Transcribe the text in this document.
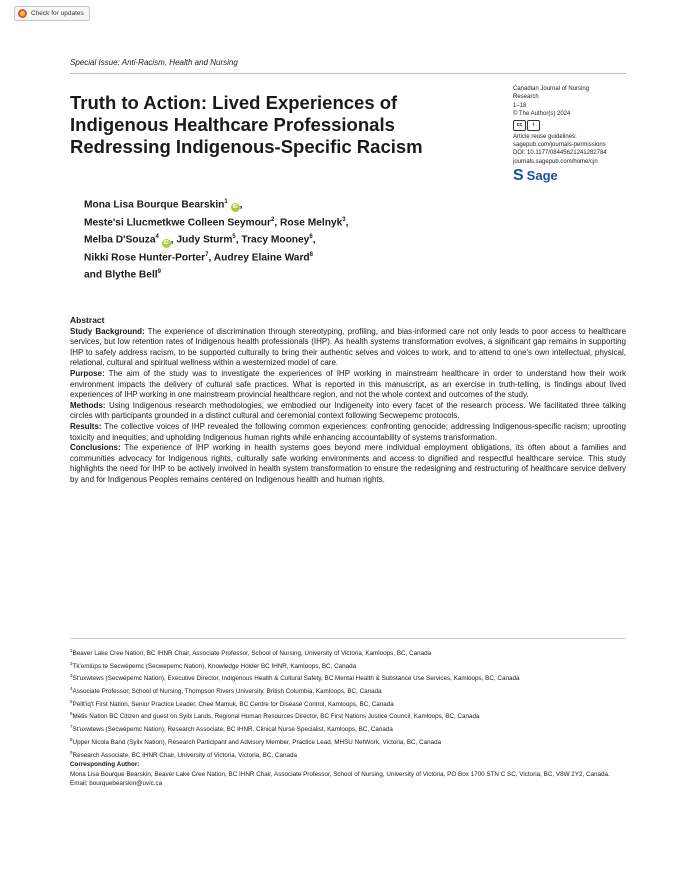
Check for updates
Special Issue: Anti-Racism, Health and Nursing
Truth to Action: Lived Experiences of
Indigenous Healthcare Professionals
Redressing Indigenous-Specific Racism
Canadian Journal of Nursing
Research
1–18
© The Author(s) 2024
cc	i
Article reuse guidelines:
sagepub.com/journals-permissions
DOI: 10.1177/08445621241282784
journals.sagepub.com/home/cjn
S Sage
Mona Lisa Bourque Bearskin$^1$ iD ,
Meste'si Llucmetkwe Colleen Seymour$^2$, Rose Melnyk$^3$,
Melba D'Souza$^4$ iD , Judy Sturm$^5$, Tracy Mooney$^6$,
Nikki Rose Hunter-Porter$^7$, Audrey Elaine Ward$^8$
and Blythe Bell$^9$
Abstract

Study Background: The experience of discrimination through stereotyping, profiling, and bias-informed care not only leads to poor access to healthcare services, but low retention rates of Indigenous health professionals (IHP). As health systems transformation evolves, a significant gap remains in supporting IHP to safely address racism, to be supported culturally to bring their authentic selves and voices to work, and to attend to one's own intellectual, physical, relational, cultural and spiritual wellness within a westernized model of care.

Purpose: The aim of the study was to investigate the experiences of IHP working in mainstream healthcare in order to understand how their work environment impacts the delivery of cultural safe practices. What is reported in this manuscript, as an exercise in truth-telling, is findings about lived experiences of IHP working in one mainstream provincial healthcare region, and not the whole context and outcomes of the study.

Methods: Using Indigenous research methodologies, we embodied our Indigeneity into every facet of the research process. We facilitated three talking circles with participants grounded in a distinct cultural and ceremonial context following Secwepemc protocols.

Results: The collective voices of IHP revealed the following common experiences: confronting genocide; addressing Indigenous-specific racism; uprooting toxicity and inequities; and upholding Indigenous human rights while enhancing accountability of systems transformation.

Conclusions: The experience of IHP working in health systems goes beyond mere individual employment obligations, its often about a families and communities advocacy for Indigenous rights, culturally safe working environments and access to dignified and respectful healthcare service. This study highlights the need for IHP to be actively involved in health system transformation to ensure the redesigning and restructuring of healthcare service delivery by and for Indigenous Peoples remains centered on Indigenous health and human rights.

$^1$Beaver Lake Cree Nation, BC IHNR Chair, Associate Professor, School of Nursing, University of Victoria, Kamloops, BC, Canada
$^2$Tk'emlúps te Secwépemc (Secwepemc Nation), Knowledge Holder BC IHNR, Kamloops, BC, Canada
$^3$St'uxwtews (Secwépemc Nation), Executive Director, Indigenous Health & Cultural Safety, BC Mental Health & Substance Use Services, Kamloops, BC, Canada
$^4$Associate Professor, School of Nursing, Thompson Rivers University, British Columbia, Kamloops, BC, Canada
$^5$Pellt'iq't First Nation, Senior Practice Leader, Chee Mamuk, BC Centre for Disease Control, Kamloops, BC, Canada
$^6$Métis Nation BC Citizen and guest on Syilx Lands, Regional Human Resources Director, BC First Nations Justice Council, Kamloops, BC, Canada
$^7$St'uxwtews (Secwépemc Nation), Research Associate, BC IHNR, Clinical Nurse Specialist, Kamloops, BC, Canada
$^8$Upper Nicola Band (Syilx Nation), Research Participant and Advisory Member, Practice Lead, MHSU NetWork, Victoria, BC, Canada
$^9$Research Associate, BC IHNR Chair, University of Victoria, Victoria, BC, Canada
Corresponding Author:
Mona Lisa Bourque Bearskin, Beaver Lake Cree Nation, BC IHNR Chair, Associate Professor, School of Nursing, University of Victoria, PO Box 1700 STN C SC, Victoria, BC, V8W 2Y2, Canada.
Email: bourquebearskin@uvic.ca
